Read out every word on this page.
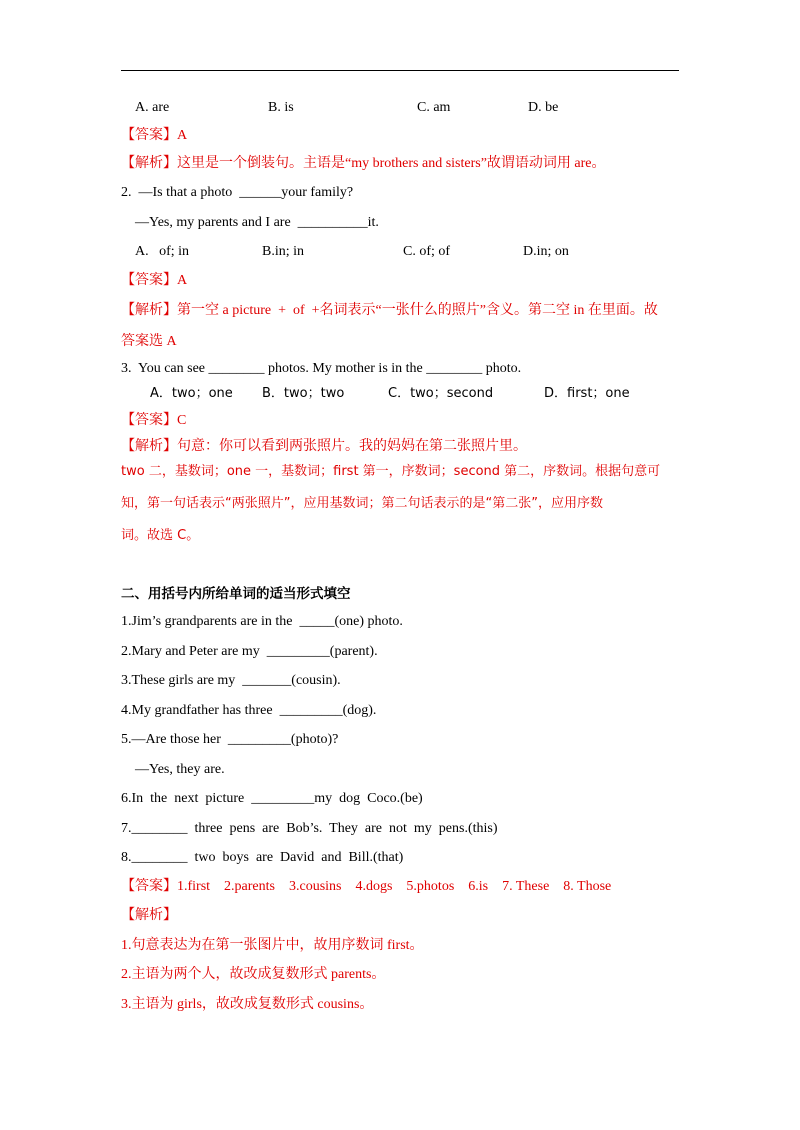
A. are	B. is	C. am	D. be
【答案】A
【解析】这里是一个倒装句。主语是“my brothers and sisters”故谓语动词用 are。
2.  —Is that a photo  ______your family?
—Yes, my parents and I are  __________it.
A.   of; in	B.in; in	C. of; of	D.in; on
【答案】A
【解析】第一空 a picture  +  of  +名词表示“一张什么的照片”含义。第二空 in 在里面。故
答案选 A
3.  You can see ________ photos. My mother is in the ________ photo.
A．two；one B．two；two	C．two；second	D．first；one
【答案】C
【解析】句意：你可以看到两张照片。我的妈妈在第二张照片里。
two 二，基数词；one 一，基数词；first 第一，序数词；second 第二，序数词。根据句意可
知，第一句话表示“两张照片”，应用基数词；第二句话表示的是“第二张”，应用序数
词。故选 C。
二、用括号内所给单词的适当形式填空
1.Jim’s grandparents are in the  _____(one) photo.
2.Mary and Peter are my  _________(parent).
3.These girls are my  _______(cousin).
4.My grandfather has three  _________(dog).
5.—Are those her  _________(photo)?
—Yes, they are.
6.In  the  next  picture  _________my  dog  Coco.(be)
7.________  three  pens  are  Bob’s.  They  are  not  my  pens.(this)
8.________  two  boys  are  David  and  Bill.(that)
【答案】1.first    2.parents    3.cousins    4.dogs    5.photos    6.is    7. These    8. Those
【解析】
1.句意表达为在第一张图片中，故用序数词 first。
2.主语为两个人，故改成复数形式 parents。
3.主语为 girls，故改成复数形式 cousins。
